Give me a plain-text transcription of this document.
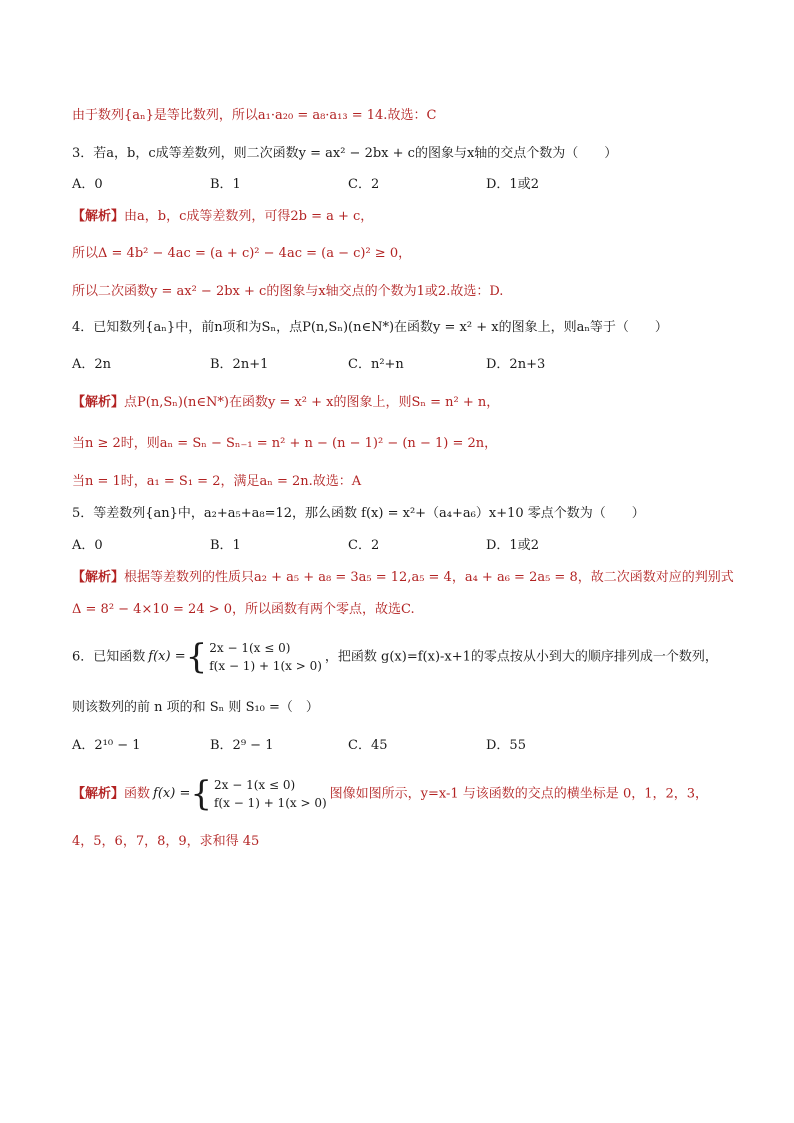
由于数列{aₙ}是等比数列，所以a₁·a₂₀ = a₈·a₁₃ = 14.故选：C

3．若a，b，c成等差数列，则二次函数y = ax² − 2bx + c的图象与x轴的交点个数为（　　）

A．0	B．1	C．2	D．1或2

【解析】由a，b，c成等差数列，可得2b = a + c，

所以Δ = 4b² − 4ac = (a + c)² − 4ac = (a − c)² ≥ 0，

所以二次函数y = ax² − 2bx + c的图象与x轴交点的个数为1或2.故选：D.

4．已知数列{aₙ}中，前n项和为Sₙ，点P(n,Sₙ)(n∈N*)在函数y = x² + x的图象上，则aₙ等于（　　）

A．2n	B．2n+1	C．n²+n	D．2n+3

【解析】点P(n,Sₙ)(n∈N*)在函数y = x² + x的图象上，则Sₙ = n² + n，

当n ≥ 2时，则aₙ = Sₙ − Sₙ₋₁ = n² + n − (n − 1)² − (n − 1) = 2n，

当n = 1时，a₁ = S₁ = 2，满足aₙ = 2n.故选：A

5．等差数列{an}中，a₂+a₅+a₈=12，那么函数 f(x) = x²+（a₄+a₆）x+10 零点个数为（　　）

A．0	B．1	C．2	D．1或2

【解析】根据等差数列的性质只a₂ + a₅ + a₈ = 3a₅ = 12,a₅ = 4，a₄ + a₆ = 2a₅ = 8，故二次函数对应的判别式

Δ = 8² − 4×10 = 24 > 0，所以函数有两个零点，故选C.

6．已知函数 f(x) = { 2x − 1(x ≤ 0)
f(x − 1) + 1(x > 0)
，把函数 g(x)=f(x)-x+1的零点按从小到大的顺序排列成一个数列，

则该数列的前 n 项的和 Sₙ 则 S₁₀ =（　）

A．2¹⁰ − 1	B．2⁹ − 1	C．45	D．55

【解析】函数 f(x) = { 2x − 1(x ≤ 0)
f(x − 1) + 1(x > 0)
图像如图所示，y=x-1 与该函数的交点的横坐标是 0，1，2，3，

4，5，6，7，8，9，求和得 45
